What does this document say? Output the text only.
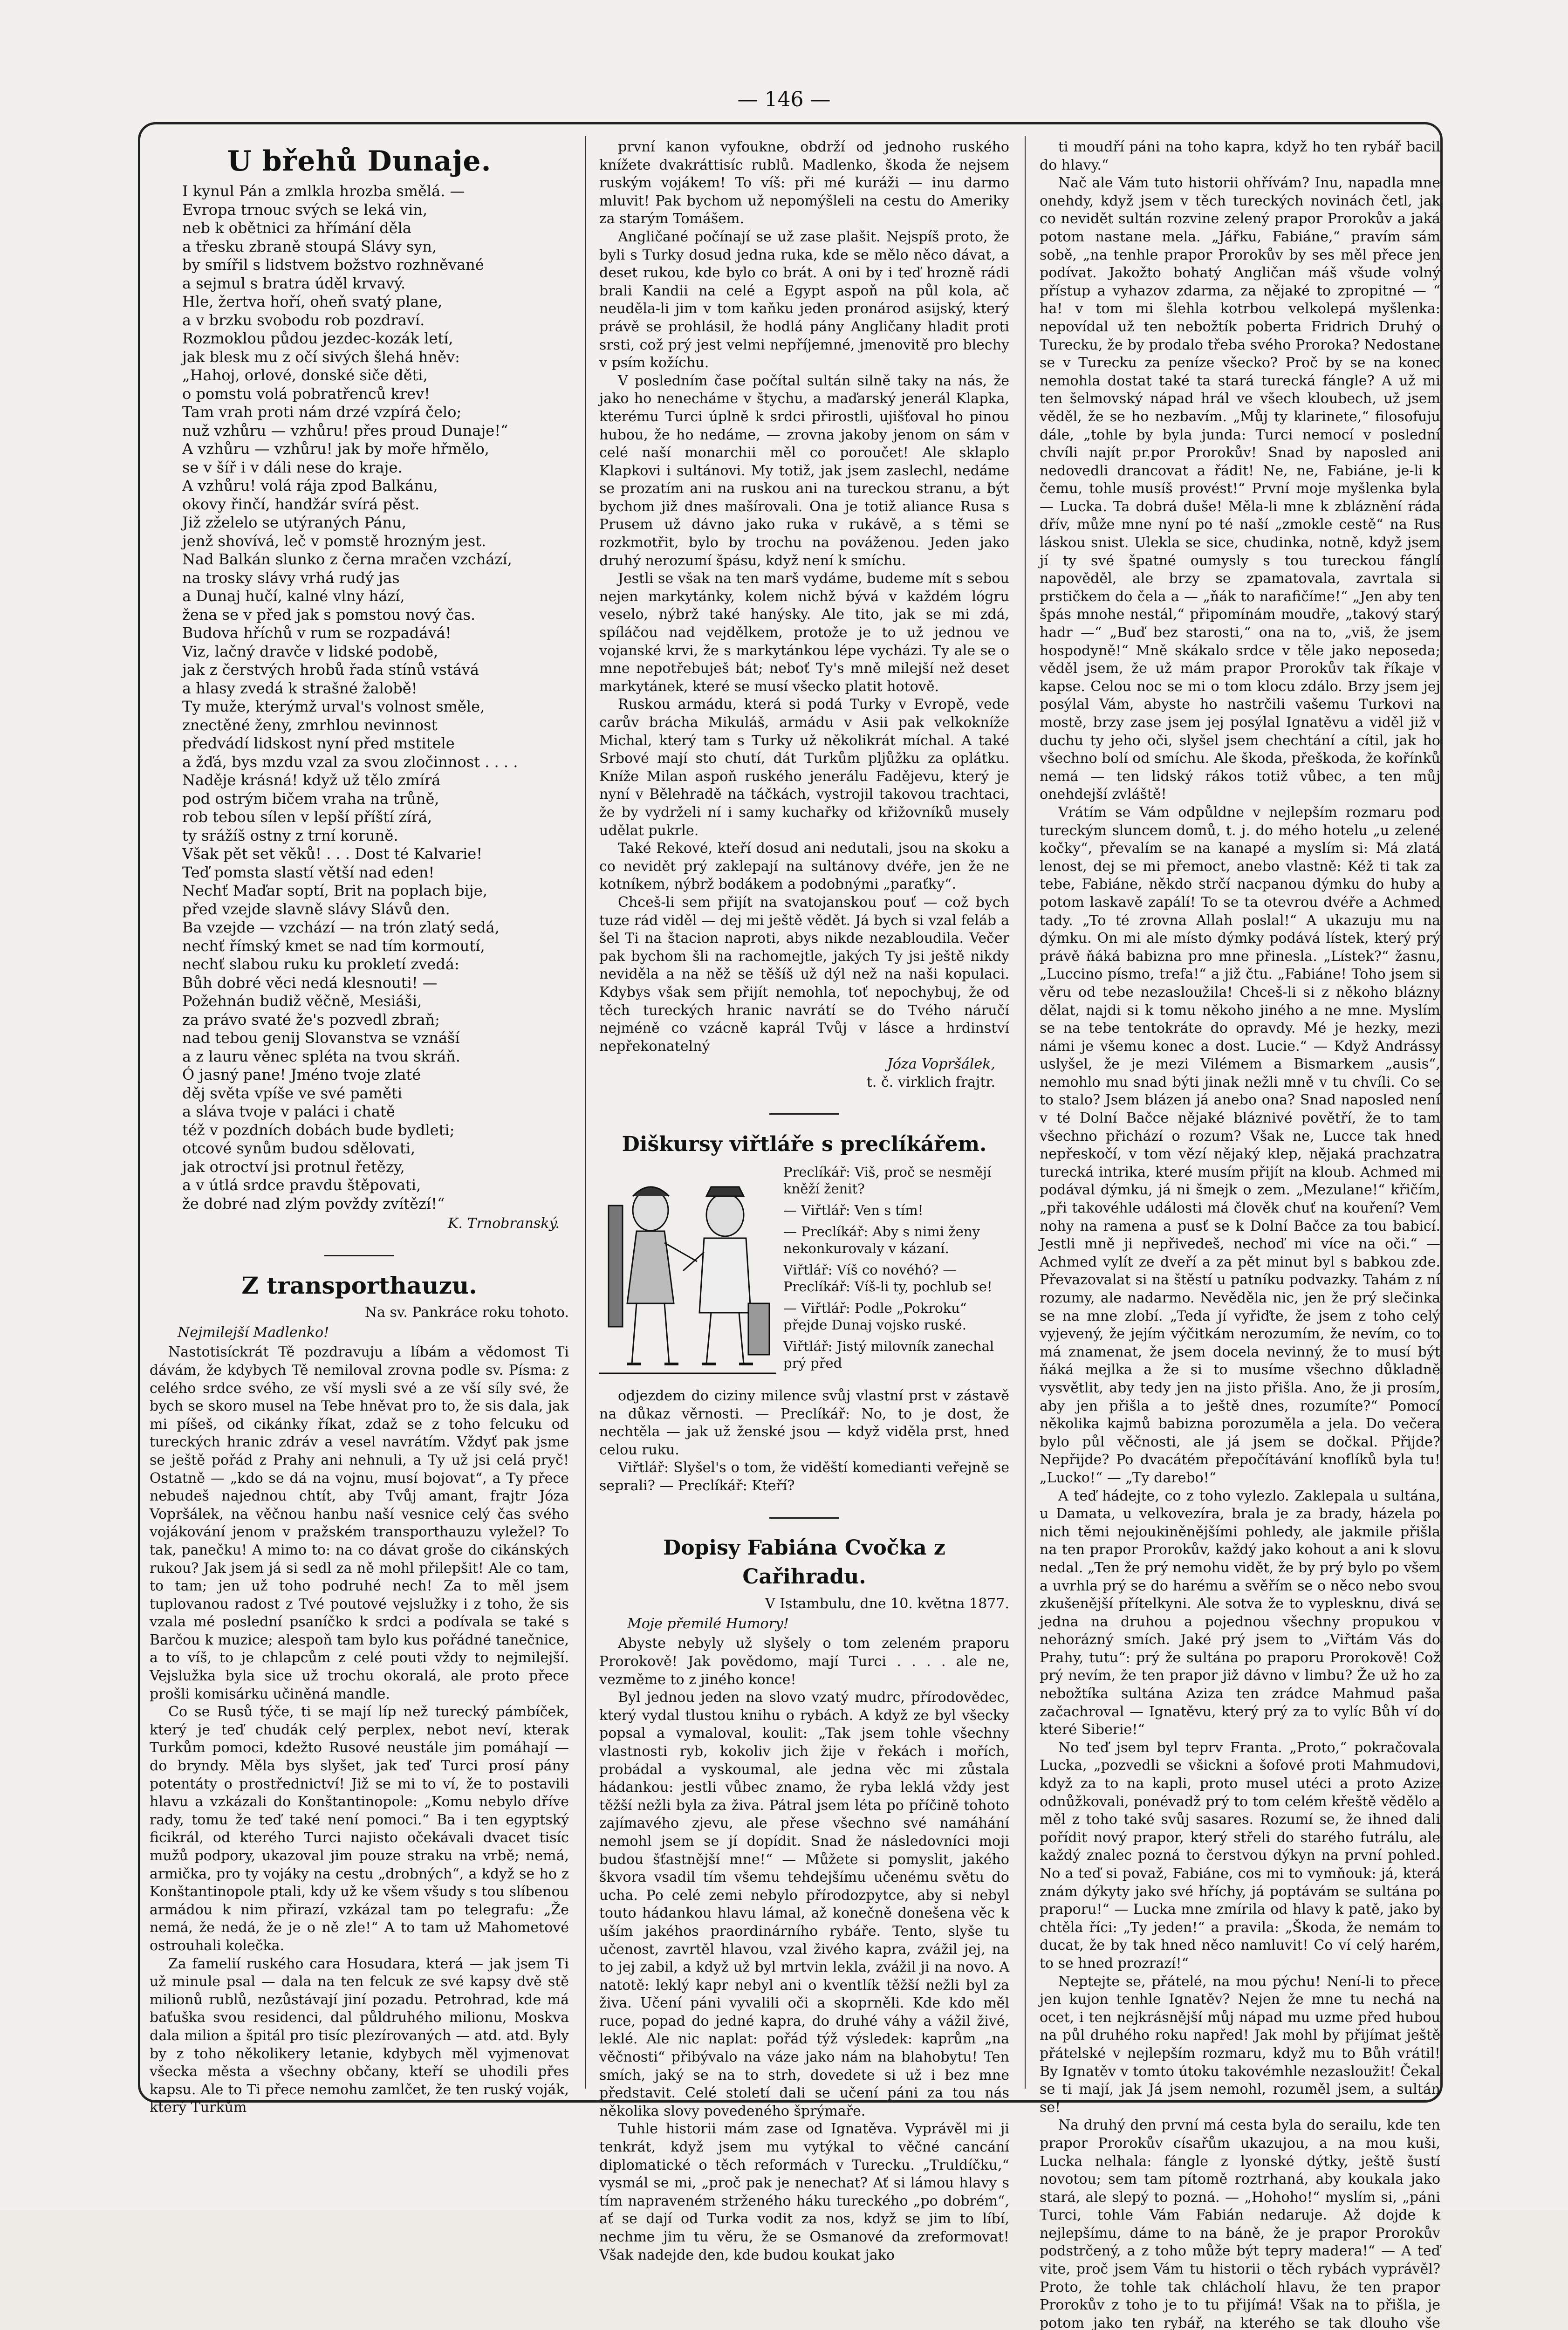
— 146 —
U břehů Dunaje.

I kynul Pán a zmlkla hrozba smělá. —

Evropa trnouc svých se leká vin,

neb k obětnici za hřímání děla

a třesku zbraně stoupá Slávy syn,

by smířil s lidstvem božstvo rozhněvané

a sejmul s bratra úděl krvavý.

Hle, žertva hoří, oheň svatý plane,

a v brzku svobodu rob pozdraví.

Rozmoklou půdou jezdec-kozák letí,

jak blesk mu z očí sivých šlehá hněv:

„Hahoj, orlové, donské siče děti,

o pomstu volá pobratřenců krev!

Tam vrah proti nám drzé vzpírá čelo;

nuž vzhůru — vzhůru! přes proud Dunaje!“

A vzhůru — vzhůru! jak by moře hřmělo,

se v šíř i v dáli nese do kraje.

A vzhůru! volá rája zpod Balkánu,

okovy řinčí, handžár svírá pěst.

Již zželelo se utýraných Pánu,

jenž shovívá, leč v pomstě hrozným jest.

Nad Balkán slunko z černa mračen vzchází,

na trosky slávy vrhá rudý jas

a Dunaj hučí, kalné vlny hází,

žena se v před jak s pomstou nový čas.

Budova hříchů v rum se rozpadává!

Viz, lačný dravče v lidské podobě,

jak z čerstvých hrobů řada stínů vstává

a hlasy zvedá k strašné žalobě!

Ty muže, kterýmž urval's volnost směle,

znectěné ženy, zmrhlou nevinnost

předvádí lidskost nyní před mstitele

a žďá, bys mzdu vzal za svou zločinnost . . . .

Naděje krásná! když už tělo zmírá

pod ostrým bičem vraha na trůně,

rob tebou sílen v lepší příští zírá,

ty srážíš ostny z trní koruně.

Však pět set věků! . . . Dost té Kalvarie!

Teď pomsta slastí větší nad eden!

Nechť Maďar soptí, Brit na poplach bije,

před vzejde slavně slávy Slávů den.

Ba vzejde — vzchází — na trón zlatý sedá,

nechť římský kmet se nad tím kormoutí,

nechť slabou ruku ku prokletí zvedá:

Bůh dobré věci nedá klesnouti! —

Požehnán budiž věčně, Mesiáši,

za právo svaté že's pozvedl zbraň;

nad tebou genij Slovanstva se vznáší

a z lauru věnec spléta na tvou skráň.

Ó jasný pane! Jméno tvoje zlaté

děj světa vpíše ve své paměti

a sláva tvoje v paláci i chatě

též v pozdních dobách bude bydleti;

otcové synům budou sdělovati,

jak otroctví jsi protnul řetězy,

a v útlá srdce pravdu štěpovati,

že dobré nad zlým povždy zvítězí!“

K. Trnobranský.
Z transporthauzu.

Na sv. Pankráce roku tohoto.

Nejmilejší Madlenko!

Nastotisíckrát Tě pozdravuju a líbám a vědomost Ti dávám, že kdybych Tě nemiloval zrovna podle sv. Písma: z celého srdce svého, ze vší mysli své a ze vší síly své, že bych se skoro musel na Tebe hněvat pro to, že sis dala, jak mi píšeš, od cikánky říkat, zdaž se z toho felcuku od tureckých hranic zdráv a vesel navrátím. Vždyť pak jsme se ještě pořád z Prahy ani nehnuli, a Ty už jsi celá pryč! Ostatně — „kdo se dá na vojnu, musí bojovat“, a Ty přece nebudeš najednou chtít, aby Tvůj amant, frajtr Józa Vopršálek, na věčnou hanbu naší vesnice celý čas svého vojákování jenom v pražském transporthauzu vyležel? To tak, panečku! A mimo to: na co dávat groše do cikánských rukou? Jak jsem já si sedl za ně mohl přilepšit! Ale co tam, to tam; jen už toho podruhé nech! Za to měl jsem tuplovanou radost z Tvé poutové vejslužky i z toho, že sis vzala mé poslední psaníčko k srdci a podívala se také s Barčou k muzice; alespoň tam bylo kus pořádné tanečnice, a to víš, to je chlapcům z celé pouti vždy to nejmilejší. Vejslužka byla sice už trochu okoralá, ale proto přece prošli komisárku učiněná mandle.

Co se Rusů týče, ti se mají líp než turecký pámbíček, který je teď chudák celý perplex, nebot neví, kterak Turkům pomoci, kdežto Rusové neustále jim pomáhají — do bryndy. Měla bys slyšet, jak teď Turci prosí pány potentáty o prostřednictví! Již se mi to ví, že to postavili hlavu a vzkázali do Konštantinopole: „Komu nebylo dříve rady, tomu že teď také není pomoci.“ Ba i ten egyptský ficikrál, od kterého Turci najisto očekávali dvacet tisíc mužů podpory, ukazoval jim pouze straku na vrbě; nemá, armička, pro ty vojáky na cestu „drobných“, a když se ho z Konštantinopole ptali, kdy už ke všem všudy s tou slíbenou armádou k nim přirazí, vzkázal tam po telegrafu: „Že nemá, že nedá, že je o ně zle!“ A to tam už Mahometové ostrouhali kolečka.

Za famelií ruského cara Hosudara, která — jak jsem Ti už minule psal — dala na ten felcuk ze své kapsy dvě stě milionů rublů, nezůstávají jiní pozadu. Petrohrad, kde má baťuška svou residenci, dal půldruhého milionu, Moskva dala milion a špitál pro tisíc plezírovaných — atd. atd. Byly by z toho několikery letanie, kdybych měl vyjmenovat všecka města a všechny občany, kteří se uhodili přes kapsu. Ale to Ti přece nemohu zamlčet, že ten ruský voják, který Turkům

první kanon vyfoukne, obdrží od jednoho ruského knížete dvakráttisíc rublů. Madlenko, škoda že nejsem ruským vojákem! To víš: při mé kuráži — inu darmo mluvit! Pak bychom už nepomýšleli na cestu do Ameriky za starým Tomášem.

Angličané počínají se už zase plašit. Nejspíš proto, že byli s Turky dosud jedna ruka, kde se mělo něco dávat, a deset rukou, kde bylo co brát. A oni by i teď hrozně rádi brali Kandii na celé a Egypt aspoň na půl kola, ač neuděla-li jim v tom kaňku jeden pronárod asijský, který právě se prohlásil, že hodlá pány Angličany hladit proti srsti, což prý jest velmi nepříjemné, jmenovitě pro blechy v psím kožíchu.

V posledním čase počítal sultán silně taky na nás, že jako ho nenecháme v štychu, a maďarský jenerál Klapka, kterému Turci úplně k srdci přirostli, ujišťoval ho pinou hubou, že ho nedáme, — zrovna jakoby jenom on sám v celé naší monarchii měl co poroučet! Ale sklaplo Klapkovi i sultánovi. My totiž, jak jsem zaslechl, nedáme se prozatím ani na ruskou ani na tureckou stranu, a být bychom již dnes mašírovali. Ona je totiž aliance Rusa s Prusem už dávno jako ruka v rukávě, a s těmi se rozkmotřit, bylo by trochu na pováženou. Jeden jako druhý nerozumí špásu, když není k smíchu.

Jestli se však na ten marš vydáme, budeme mít s sebou nejen markytánky, kolem nichž bývá v každém lógru veselo, nýbrž také hanýsky. Ale tito, jak se mi zdá, spíláčou nad vejdělkem, protože je to už jednou ve vojanské krvi, že s markytánkou lépe vycházi. Ty ale se o mne nepotřebuješ bát; neboť Ty's mně milejší než deset markytánek, které se musí všecko platit hotově.

Ruskou armádu, která si podá Turky v Evropě, vede carův brácha Mikuláš, armádu v Asii pak velkokníže Michal, který tam s Turky už několikrát míchal. A také Srbové mají sto chutí, dát Turkům pljůžku za oplátku. Kníže Milan aspoň ruského jenerálu Fadějevu, který je nyní v Bělehradě na táčkách, vystrojil takovou trachtaci, že by vydrželi ní i samy kuchařky od křižovníků musely udělat pukrle.

Také Rekové, kteří dosud ani nedutali, jsou na skoku a co nevidět prý zaklepají na sultánovy dvéře, jen že ne kotníkem, nýbrž bodákem a podobnými „paraťky“.

Chceš-li sem přijít na svatojanskou pouť — což bych tuze rád viděl — dej mi ještě vědět. Já bych si vzal feláb a šel Ti na štacion naproti, abys nikde nezabloudila. Večer pak bychom šli na rachomejtle, jakých Ty jsi ještě nikdy neviděla a na něž se těšíš už dýl než na naši kopulaci. Kdybys však sem přijít nemohla, toť nepochybuj, že od těch tureckých hranic navrátí se do Tvého náručí nejméně co vzácně kaprál Tvůj v lásce a hrdinství nepřekonatelný

Józa Vopršálek,

t. č. virklich frajtr.

Diškursy viřtláře s preclíkářem.

Preclíkář: Viš, proč se nesmějí kněží ženit?

— Viřtlář: Ven s tím!

— Preclíkář: Aby s nimi ženy nekonkurovaly v kázaní.

Viřtlář: Víš co novéhó? — Preclíkář: Víš-li ty, pochlub se!

— Viřtlář: Podle „Pokroku“ přejde Dunaj vojsko ruské.

Viřtlář: Jistý milovník zanechal prý před

odjezdem do ciziny milence svůj vlastní prst v zástavě na důkaz věrnosti. — Preclíkář: No, to je dost, že nechtěla — jak už ženské jsou — když viděla prst, hned celou ruku.

Viřtlář: Slyšel's o tom, že viděští komedianti veřejně se seprali? — Preclíkář: Kteří?

Dopisy Fabiána Cvočka z Cařihradu.

V Istambulu, dne 10. května 1877.

Moje přemilé Humory!

Abyste nebyly už slyšely o tom zeleném praporu Prorokově! Jak povědomo, mají Turci . . . . ale ne, vezměme to z jiného konce!

Byl jednou jeden na slovo vzatý mudrc, přírodovědec, který vydal tlustou knihu o rybách. A když ze byl všecky popsal a vymaloval, koulit: „Tak jsem tohle všechny vlastnosti ryb, kokoliv jich žije v řekách i mořích, probádal a vyskoumal, ale jedna věc mi zůstala hádankou: jestli vůbec znamo, že ryba leklá vždy jest těžší nežli byla za živa. Pátral jsem léta po příčině tohoto zajímavého zjevu, ale přese všechno své namáhání nemohl jsem se jí dopídit. Snad že následovníci moji budou šťastnější mne!“ — Můžete si pomyslit, jakého škvora vsadil tím všemu tehdejšímu učenému světu do ucha. Po celé zemi nebylo přírodozpytce, aby si nebyl touto hádankou hlavu lámal, až konečně donešena věc k uším jakéhos praordinárního rybáře. Tento, slyše tu učenost, zavrtěl hlavou, vzal živého kapra, zvážil jej, na to jej zabil, a když už byl mrtvin lekla, zvážil ji na novo. A natotě: leklý kapr nebyl ani o kventlík těžší nežli byl za živa. Učení páni vyvalili oči a skoprněli. Kde kdo měl ruce, popad do jedné kapra, do druhé váhy a vážil živé, leklé. Ale nic naplat: pořád týž výsledek: kaprům „na věčnosti“ přibývalo na váze jako nám na blahobytu! Ten smích, jaký se na to strh, dovedete si už i bez mne představit. Celé století dali se učení páni za tou nás několika slovy povedeného šprýmaře.

Tuhle historii mám zase od Ignatěva. Vyprávěl mi ji tenkrát, když jsem mu vytýkal to věčné cancání diplomatické o těch reformách v Turecku. „Truldíčku,“ vysmál se mi, „proč pak je nenechat? Ať si lámou hlavy s tím napraveném strženého háku tureckého „po dobrém“, ať se dají od Turka vodit za nos, když se jim to líbí, nechme jim tu věru, že se Osmanové da zreformovat! Však nadejde den, kde budou koukat jako

ti moudří páni na toho kapra, když ho ten rybář bacil do hlavy.“

Nač ale Vám tuto historii ohřívám? Inu, napadla mne onehdy, když jsem v těch tureckých novinách četl, jak co nevidět sultán rozvine zelený prapor Prorokův a jaká potom nastane mela. „Jářku, Fabiáne,“ pravím sám sobě, „na tenhle prapor Prorokův by ses měl přece jen podívat. Jakožto bohatý Angličan máš všude volný přístup a vyhazov zdarma, za nějaké to zpropitné — “ ha! v tom mi šlehla kotrbou velkolepá myšlenka: nepovídal už ten nebožtík poberta Fridrich Druhý o Turecku, že by prodalo třeba svého Proroka? Nedostane se v Turecku za peníze všecko? Proč by se na konec nemohla dostat také ta stará turecká fángle? A už mi ten šelmovský nápad hrál ve všech kloubech, už jsem věděl, že se ho nezbavím. „Můj ty klarinete,“ filosofuju dále, „tohle by byla junda: Turci nemocí v poslední chvíli najít pr.por Prorokův! Snad by naposled ani nedovedli drancovat a řádit! Ne, ne, Fabiáne, je-li k čemu, tohle musíš provést!“ První moje myšlenka byla — Lucka. Ta dobrá duše! Měla-li mne k zbláznění ráda dřív, může mne nyní po té naší „zmokle cestě“ na Rus láskou snist. Ulekla se sice, chudinka, notně, když jsem jí ty své špatné oumysly s tou tureckou fánglí napověděl, ale brzy se zpamatovala, zavrtala si prstičkem do čela a — „ňák to narafičíme!“ „Jen aby ten špás mnohe nestál,“ připomínám moudře, „takový starý hadr —“ „Buď bez starosti,“ ona na to, „viš, že jsem hospodyně!“ Mně skákalo srdce v těle jako neposeda; věděl jsem, že už mám prapor Prorokův tak říkaje v kapse. Celou noc se mi o tom klocu zdálo. Brzy jsem jej posýlal Vám, abyste ho nastrčili vašemu Turkovi na mostě, brzy zase jsem jej posýlal Ignatěvu a viděl již v duchu ty jeho oči, slyšel jsem chechtání a cítil, jak ho všechno bolí od smíchu. Ale škoda, přeškoda, že kořínků nemá — ten lidský rákos totiž vůbec, a ten můj onehdejší zvláště!

Vrátím se Vám odpůldne v nejlepším rozmaru pod tureckým sluncem domů, t. j. do mého hotelu „u zelené kočky“, převalím se na kanapé a myslím si: Má zlatá lenost, dej se mi přemoct, anebo vlastně: Kéž ti tak za tebe, Fabiáne, někdo strčí nacpanou dýmku do huby a potom laskavě zapálí! To se ta otevrou dvéře a Achmed tady. „To té zrovna Allah poslal!“ A ukazuju mu na dýmku. On mi ale místo dýmky podává lístek, který prý právě ňáká babizna pro mne přinesla. „Lístek?“ žasnu, „Luccino písmo, trefa!“ a již čtu. „Fabiáne! Toho jsem si věru od tebe nezasloužila! Chceš-li si z někoho blázny dělat, najdi si k tomu někoho jiného a ne mne. Myslím se na tebe tentokráte do opravdy. Mé je hezky, mezi námi je všemu konec a dost. Lucie.“ — Když Andrássy uslyšel, že je mezi Vilémem a Bismarkem „ausis“, nemohlo mu snad býti jinak nežli mně v tu chvíli. Co se to stalo? Jsem blázen já anebo ona? Snad naposled není v té Dolní Bačce nějaké bláznivé povětří, že to tam všechno přichází o rozum? Však ne, Lucce tak hned nepřeskočí, v tom vězí nějaký klep, nějaká prachzatra turecká intrika, které musím přijít na kloub. Achmed mi podával dýmku, já ni šmejk o zem. „Mezulane!“ křičím, „při takovéhle události má člověk chuť na kouření? Vem nohy na ramena a pusť se k Dolní Bačce za tou babicí. Jestli mně ji nepřivedeš, nechoď mi více na oči.“ — Achmed vylít ze dveří a za pět minut byl s babkou zde. Převazovalat si na štěstí u patníku podvazky. Tahám z ní rozumy, ale nadarmo. Nevěděla nic, jen že prý slečinka se na mne zlobí. „Teda jí vyřiďte, že jsem z toho celý vyjevený, že jejím výčitkám nerozumím, že nevím, co to má znamenat, že jsem docela nevinný, že to musí být ňáká mejlka a že si to musíme všechno důkladně vysvětlit, aby tedy jen na jisto přišla. Ano, že ji prosím, aby jen přišla a to ještě dnes, rozumíte?“ Pomocí několika kajmů babizna porozuměla a jela. Do večera bylo půl věčnosti, ale já jsem se dočkal. Přijde? Nepřijde? Po dvacátém přepočítávání knoflíků byla tu! „Lucko!“ — „Ty darebo!“

A teď hádejte, co z toho vylezlo. Zaklepala u sultána, u Damata, u velkovezíra, brala je za brady, házela po nich těmi nejoukiněnějšími pohledy, ale jakmile přišla na ten prapor Prorokův, každý jako kohout a ani k slovu nedal. „Ten že prý nemohu vidět, že by prý bylo po všem a uvrhla prý se do harému a svěřím se o něco nebo svou zkušenější přítelkyni. Ale sotva že to vyplesknu, divá se jedna na druhou a pojednou všechny propukou v nehorázný smích. Jaké prý jsem to „Viřtám Vás do Prahy, tutu“: prý že sultána po praporu Prorokově! Což prý nevím, že ten prapor již dávno v limbu? Že už ho za nebožtíka sultána Aziza ten zrádce Mahmud paša začachroval — Ignatěvu, který prý za to vylíc Bůh ví do které Siberie!“

No teď jsem byl teprv Franta. „Proto,“ pokračovala Lucka, „pozvedli se všickni a šofové proti Mahmudovi, když za to na kapli, proto musel utéci a proto Azize odnůžkovali, ponévadž prý to tom celém křeště vědělo a měl z toho také svůj sasares. Rozumí se, že ihned dali pořídit nový prapor, který střeli do starého futrálu, ale každý znalec pozná to čerstvou dýkyn na první pohled. No a teď si považ, Fabiáne, cos mi to vymňouk: já, která znám dýkyty jako své hříchy, já poptávám se sultána po praporu!“ — Lucka mne zmírila od hlavy k patě, jako by chtěla říci: „Ty jeden!“ a pravila: „Škoda, že nemám to ducat, že by tak hned něco namluvit! Co ví celý harém, to se hned prozrazí!“

Neptejte se, přátelé, na mou pýchu! Není-li to přece jen kujon tenhle Ignatěv? Nejen že mne tu nechá na ocet, i ten nejkrásnější můj nápad mu uzme před hubou na půl druhého roku napřed! Jak mohl by přijímat ještě přátelské v nejlepším rozmaru, když mu to Bůh vrátil! By Ignatěv v tomto útoku takovémhle nezasloužit! Čekal se ti mají, jak Já jsem nemohl, rozuměl jsem, a sultán se!

Na druhý den první má cesta byla do serailu, kde ten prapor Prorokův císařům ukazujou, a na mou kuši, Lucka nelhala: fángle z lyonské dýtky, ještě šustí novotou; sem tam pítomě roztrhaná, aby koukala jako stará, ale slepý to pozná. — „Hohoho!“ myslím si, „páni Turci, tohle Vám Fabián nedaruje. Až dojde k nejlepšímu, dáme to na báně, že je prapor Prorokův podstrčený, a z toho může být tepry madera!“ — A teď vite, proč jsem Vám tu historii o těch rybách vyprávěl? Proto, že tohle tak chlácholí hlavu, že ten prapor Prorokův z toho je to tu přijímá! Však na to přišla, je potom jako ten rybář, na kterého se tak dlouho vše
